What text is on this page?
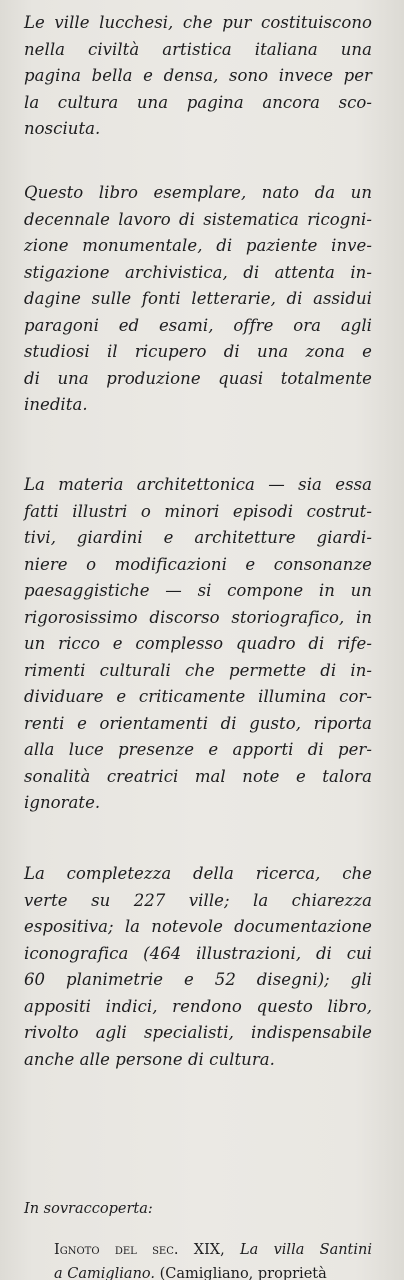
Le ville lucchesi, che pur costituiscono
nella civiltà artistica italiana una
pagina bella e densa, sono invece per
la cultura una pagina ancora sco-
nosciuta.

Questo libro esemplare, nato da un
decennale lavoro di sistematica ricogni-
zione monumentale, di paziente inve-
stigazione archivistica, di attenta in-
dagine sulle fonti letterarie, di assidui
paragoni ed esami, offre ora agli
studiosi il ricupero di una zona e
di una produzione quasi totalmente
inedita.

La materia architettonica — sia essa
fatti illustri o minori episodi costrut-
tivi, giardini e architetture giardi-
niere o modificazioni e consonanze
paesaggistiche — si compone in un
rigorosissimo discorso storiografico, in
un ricco e complesso quadro di rife-
rimenti culturali che permette di in-
dividuare e criticamente illumina cor-
renti e orientamenti di gusto, riporta
alla luce presenze e apporti di per-
sonalità creatrici mal note e talora
ignorate.

La completezza della ricerca, che
verte su 227 ville; la chiarezza
espositiva; la notevole documentazione
iconografica (464 illustrazioni, di cui
60 planimetrie e 52 disegni); gli
appositi indici, rendono questo libro,
rivolto agli specialisti, indispensabile
anche alle persone di cultura.

In sovraccoperta:
Ignoto del sec. XIX, La villa Santini
a Camigliano. (Camigliano, proprietà
